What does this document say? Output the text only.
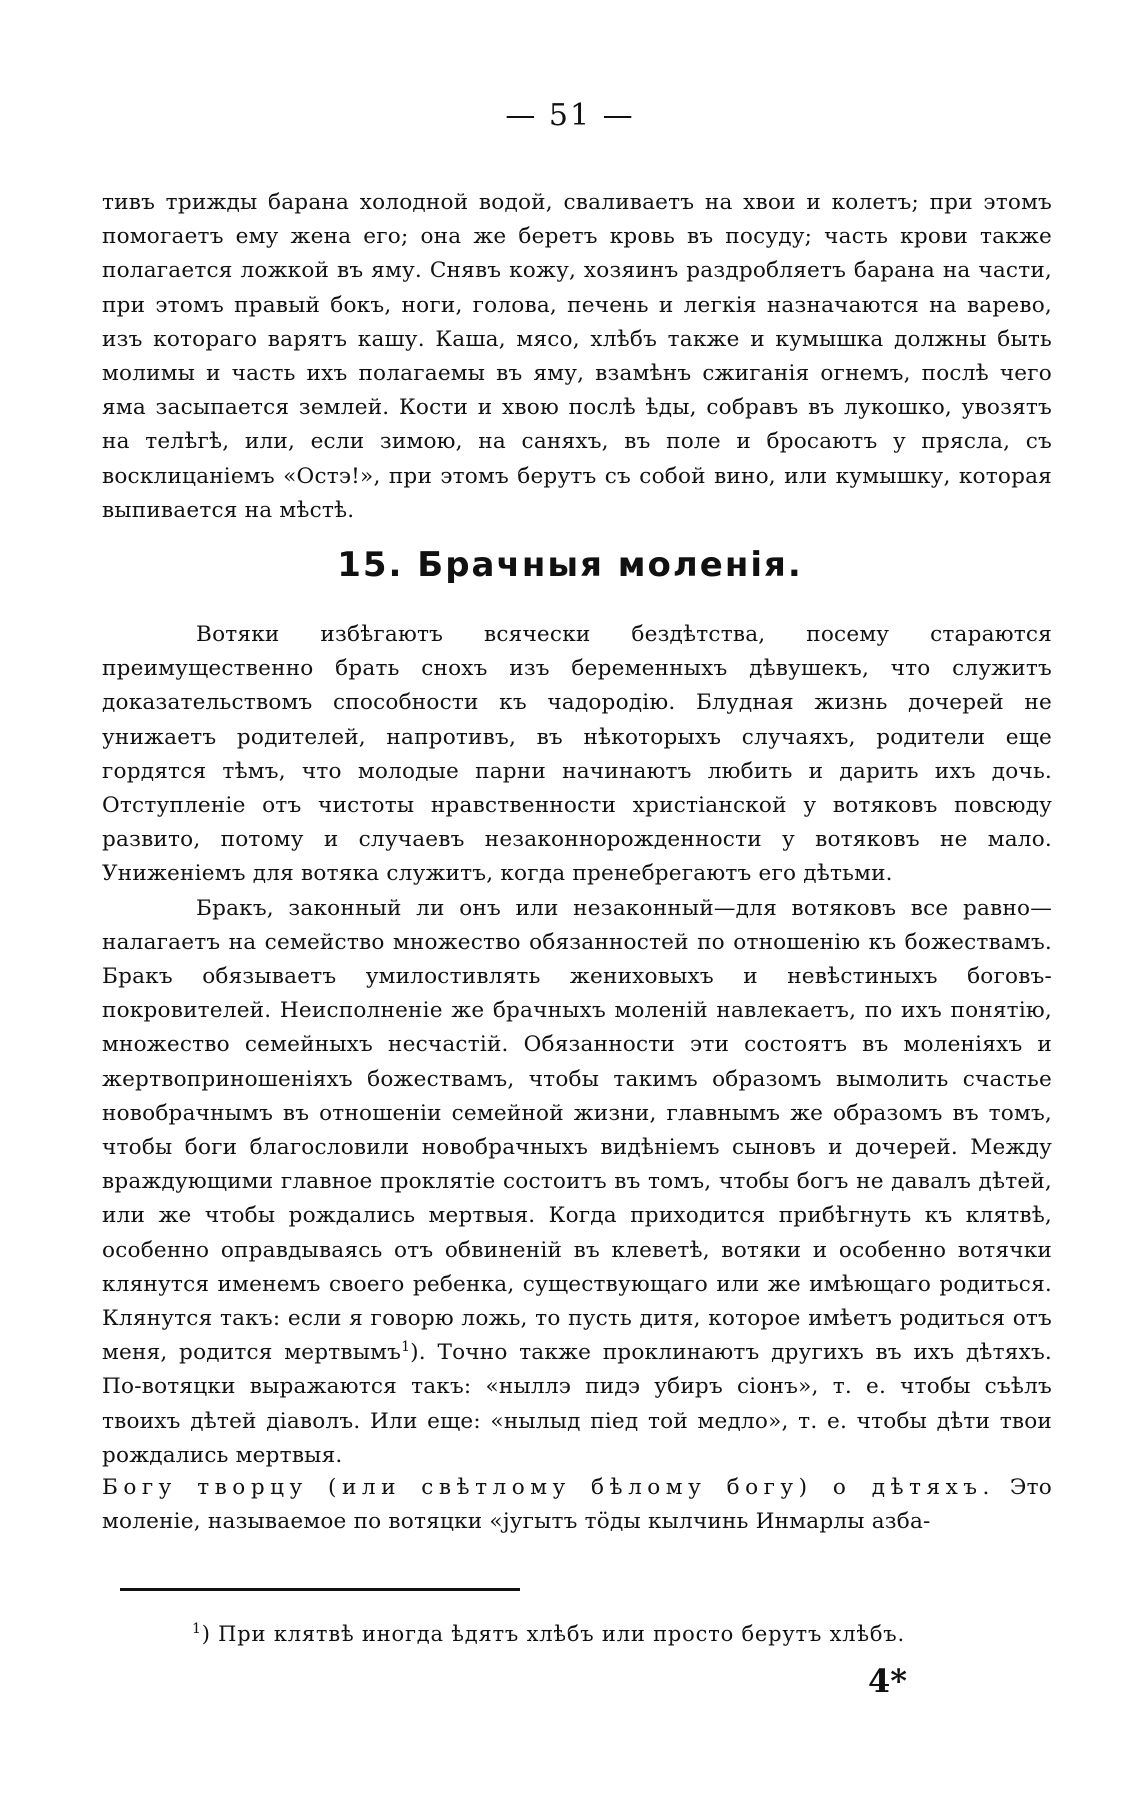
— 51 —

тивъ трижды барана холодной водой, сваливаетъ на хвои и колетъ; при этомъ помогаетъ ему жена его; она же беретъ кровь въ посуду; часть крови также полагается ложкой въ яму. Снявъ кожу, хозяинъ раздробляетъ барана на части, при этомъ правый бокъ, ноги, голова, печень и легкія назначаются на варево, изъ котораго варятъ кашу. Каша, мясо, хлѣбъ также и кумышка должны быть молимы и часть ихъ полагаемы въ яму, взамѣнъ сжиганія огнемъ, послѣ чего яма засыпается землей. Кости и хвою послѣ ѣды, собравъ въ лукошко, увозятъ на телѣгѣ, или, если зимою, на саняхъ, въ поле и бросаютъ у прясла, съ восклицаніемъ «Остэ!», при этомъ берутъ съ собой вино, или кумышку, которая выпивается на мѣстѣ.

15. Брачныя моленія.

Вотяки избѣгаютъ всячески бездѣтства, посему стараются преимущественно брать снохъ изъ беременныхъ дѣвушекъ, что служитъ доказательствомъ способности къ чадородію. Блудная жизнь дочерей не унижаетъ родителей, напротивъ, въ нѣкоторыхъ случаяхъ, родители еще гордятся тѣмъ, что молодые парни начинаютъ любить и дарить ихъ дочь. Отступленіе отъ чистоты нравственности христіанской у вотяковъ повсюду развито, потому и случаевъ незаконнорожденности у вотяковъ не мало. Униженіемъ для вотяка служитъ, когда пренебрегаютъ его дѣтьми.

Бракъ, законный ли онъ или незаконный—для вотяковъ все равно—налагаетъ на семейство множество обязанностей по отношенію къ божествамъ. Бракъ обязываетъ умилостивлять жениховыхъ и невѣстиныхъ боговъ-покровителей. Неисполненіе же брачныхъ моленій навлекаетъ, по ихъ понятію, множество семейныхъ несчастій. Обязанности эти состоятъ въ моленіяхъ и жертвоприношеніяхъ божествамъ, чтобы такимъ образомъ вымолить счастье новобрачнымъ въ отношеніи семейной жизни, главнымъ же образомъ въ томъ, чтобы боги благословили новобрачныхъ видѣніемъ сыновъ и дочерей. Между враждующими главное проклятіе состоитъ въ томъ, чтобы богъ не давалъ дѣтей, или же чтобы рождались мертвыя. Когда приходится прибѣгнуть къ клятвѣ, особенно оправдываясь отъ обвиненій въ клеветѣ, вотяки и особенно вотячки клянутся именемъ своего ребенка, существующаго или же имѣющаго родиться. Клянутся такъ: если я говорю ложь, то пусть дитя, которое имѣетъ родиться отъ меня, родится мертвымъ$^1$). Точно также проклинаютъ другихъ въ ихъ дѣтяхъ. По-вотяцки выражаются такъ: «ныллэ пидэ убиръ сіонъ», т. е. чтобы съѣлъ твоихъ дѣтей діаволъ. Или еще: «нылыд пiед той медло», т. е. чтобы дѣти твои рождались мертвыя.

Богу творцу (или свѣтлому бѣлому богу) о дѣтяхъ. Это моленіе, называемое по вотяцки «југытъ тӧды кылчинь Инмарлы азба-

$^1$) При клятвѣ иногда ѣдятъ хлѣбъ или просто берутъ хлѣбъ.
4*
